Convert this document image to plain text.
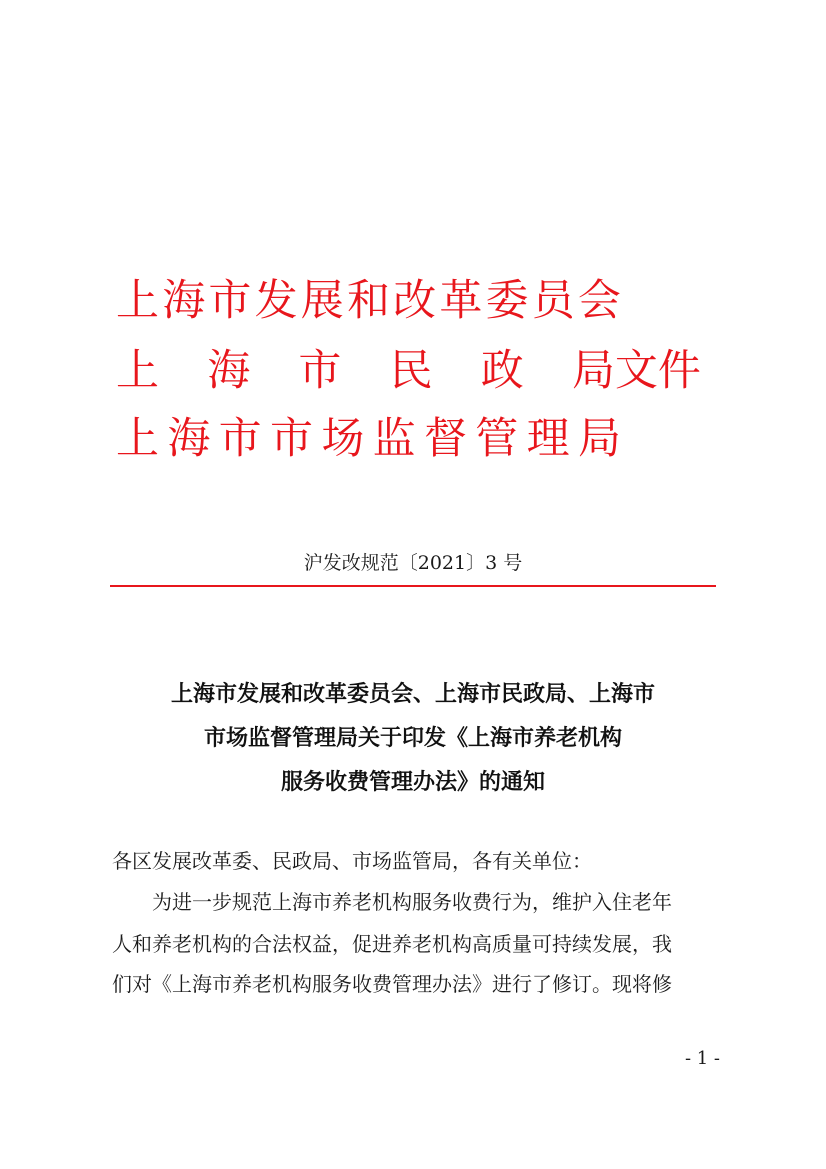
上 海 市 发 展 和 改 革 委 员 会
上 海 市 民 政 局文件
上 海 市 市 场 监 督 管 理 局
沪发改规范〔2021〕3 号
上海市发展和改革委员会、上海市民政局、上海市
市场监督管理局关于印发《上海市养老机构
服务收费管理办法》的通知
各区发展改革委、民政局、市场监管局，各有关单位：
为进一步规范上海市养老机构服务收费行为，维护入住老年
人和养老机构的合法权益，促进养老机构高质量可持续发展，我
们对《上海市养老机构服务收费管理办法》进行了修订。现将修
- 1 -
